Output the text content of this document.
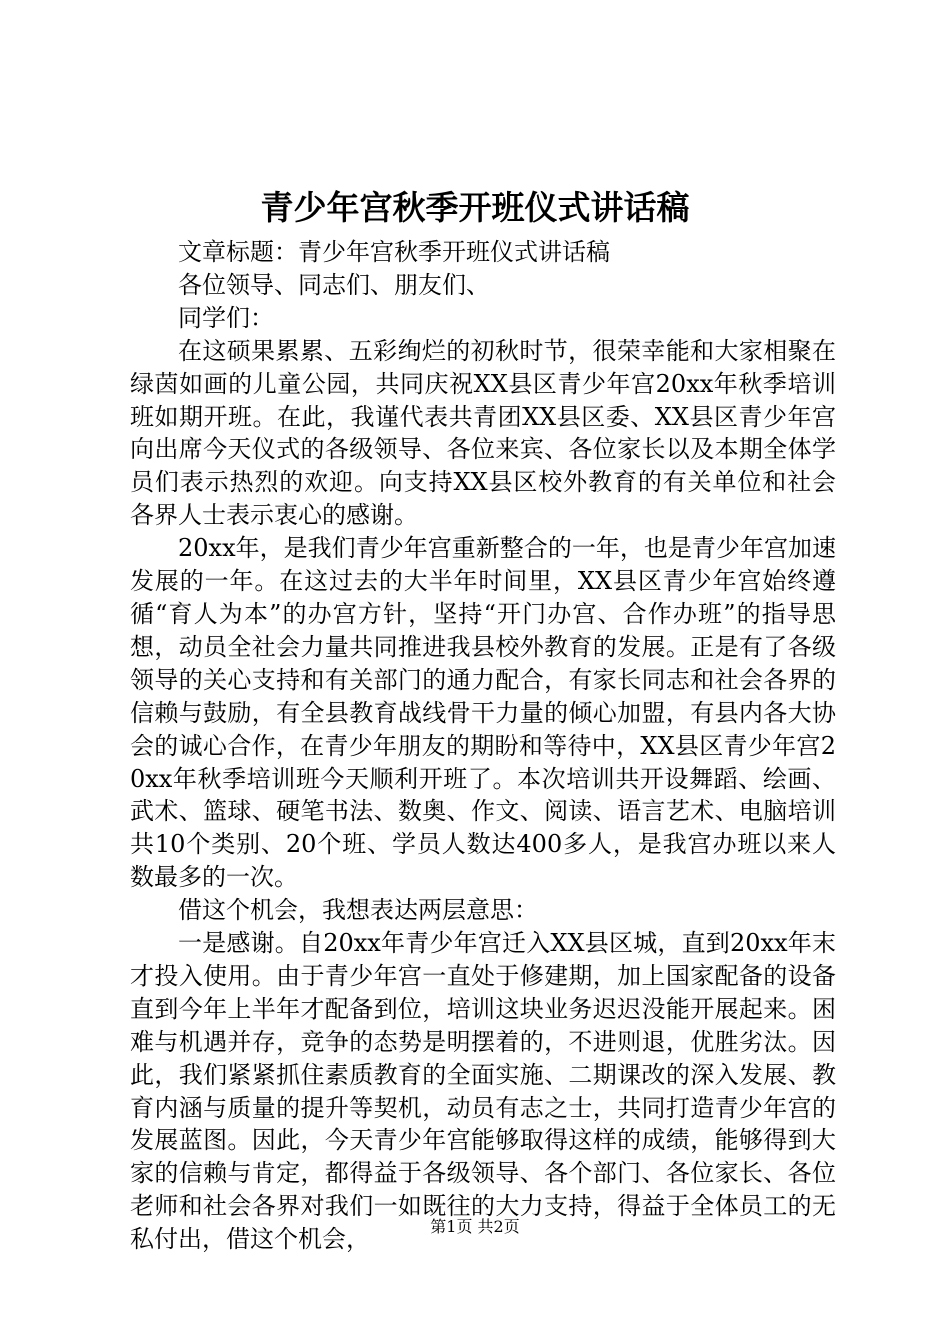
青少年宫秋季开班仪式讲话稿

文章标题：青少年宫秋季开班仪式讲话稿

各位领导、同志们、朋友们、

同学们：

在这硕果累累、五彩绚烂的初秋时节，很荣幸能和大家相聚在绿茵如画的儿童公园，共同庆祝XX县区青少年宫20xx年秋季培训班如期开班。在此，我谨代表共青团XX县区委、XX县区青少年宫向出席今天仪式的各级领导、各位来宾、各位家长以及本期全体学员们表示热烈的欢迎。向支持XX县区校外教育的有关单位和社会各界人士表示衷心的感谢。

20xx年，是我们青少年宫重新整合的一年，也是青少年宫加速发展的一年。在这过去的大半年时间里，XX县区青少年宫始终遵循“育人为本”的办宫方针，坚持“开门办宫、合作办班”的指导思想，动员全社会力量共同推进我县校外教育的发展。正是有了各级领导的关心支持和有关部门的通力配合，有家长同志和社会各界的信赖与鼓励，有全县教育战线骨干力量的倾心加盟，有县内各大协会的诚心合作，在青少年朋友的期盼和等待中，XX县区青少年宫20xx年秋季培训班今天顺利开班了。本次培训共开设舞蹈、绘画、武术、篮球、硬笔书法、数奥、作文、阅读、语言艺术、电脑培训共10个类别、20个班、学员人数达400多人，是我宫办班以来人数最多的一次。

借这个机会，我想表达两层意思：

一是感谢。自20xx年青少年宫迁入XX县区城，直到20xx年末才投入使用。由于青少年宫一直处于修建期，加上国家配备的设备直到今年上半年才配备到位，培训这块业务迟迟没能开展起来。困难与机遇并存，竞争的态势是明摆着的，不进则退，优胜劣汰。因此，我们紧紧抓住素质教育的全面实施、二期课改的深入发展、教育内涵与质量的提升等契机，动员有志之士，共同打造青少年宫的发展蓝图。因此，今天青少年宫能够取得这样的成绩，能够得到大家的信赖与肯定，都得益于各级领导、各个部门、各位家长、各位老师和社会各界对我们一如既往的大力支持，得益于全体员工的无私付出，借这个机会，	第1页 共2页
